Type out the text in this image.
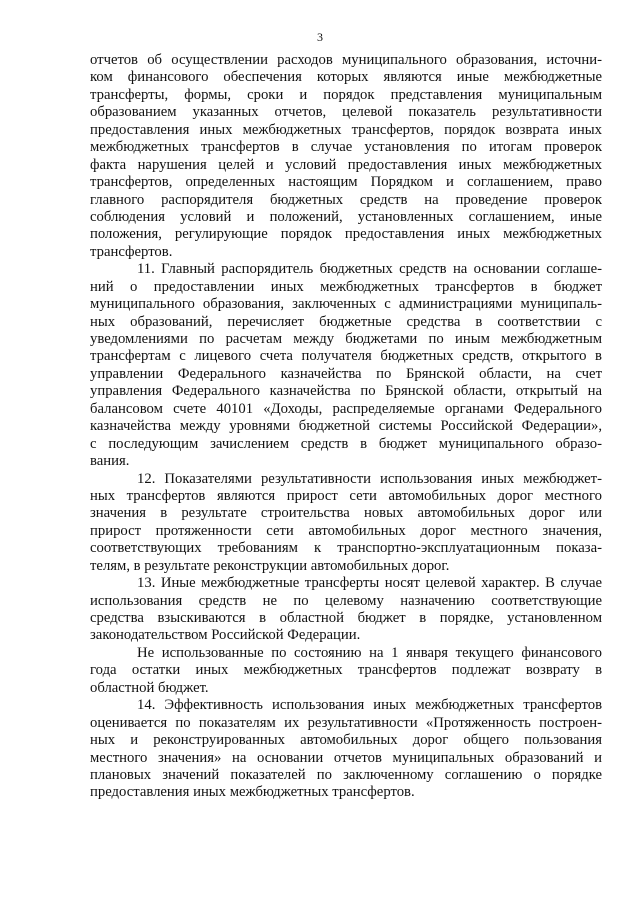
3
отчетов об осуществлении расходов муниципального образования, источни-
ком финансового обеспечения которых являются иные межбюджетные
трансферты, формы, сроки и порядок представления муниципальным
образованием указанных отчетов, целевой показатель результативности
предоставления иных межбюджетных трансфертов, порядок возврата иных
межбюджетных трансфертов в случае установления по итогам проверок
факта нарушения целей и условий предоставления иных межбюджетных
трансфертов, определенных настоящим Порядком и соглашением, право
главного распорядителя бюджетных средств на проведение проверок
соблюдения условий и положений, установленных соглашением, иные
положения, регулирующие порядок предоставления иных межбюджетных
трансфертов.
11. Главный распорядитель бюджетных средств на основании соглаше-
ний о предоставлении иных межбюджетных трансфертов в бюджет
муниципального образования, заключенных с администрациями муниципаль-
ных образований, перечисляет бюджетные средства в соответствии с
уведомлениями по расчетам между бюджетами по иным межбюджетным
трансфертам с лицевого счета получателя бюджетных средств, открытого в
управлении Федерального казначейства по Брянской области, на счет
управления Федерального казначейства по Брянской области, открытый на
балансовом счете 40101 «Доходы, распределяемые органами Федерального
казначейства между уровнями бюджетной системы Российской Федерации»,
с последующим зачислением средств в бюджет муниципального образо-
вания.
12. Показателями результативности использования иных межбюджет-
ных трансфертов являются прирост сети автомобильных дорог местного
значения в результате строительства новых автомобильных дорог или
прирост протяженности сети автомобильных дорог местного значения,
соответствующих требованиям к транспортно-эксплуатационным показа-
телям, в результате реконструкции автомобильных дорог.
13. Иные межбюджетные трансферты носят целевой характер. В случае
использования средств не по целевому назначению соответствующие
средства взыскиваются в областной бюджет в порядке, установленном
законодательством Российской Федерации.
Не использованные по состоянию на 1 января текущего финансового
года остатки иных межбюджетных трансфертов подлежат возврату в
областной бюджет.
14. Эффективность использования иных межбюджетных трансфертов
оценивается по показателям их результативности «Протяженность построен-
ных и реконструированных автомобильных дорог общего пользования
местного значения» на основании отчетов муниципальных образований и
плановых значений показателей по заключенному соглашению о порядке
предоставления иных межбюджетных трансфертов.
